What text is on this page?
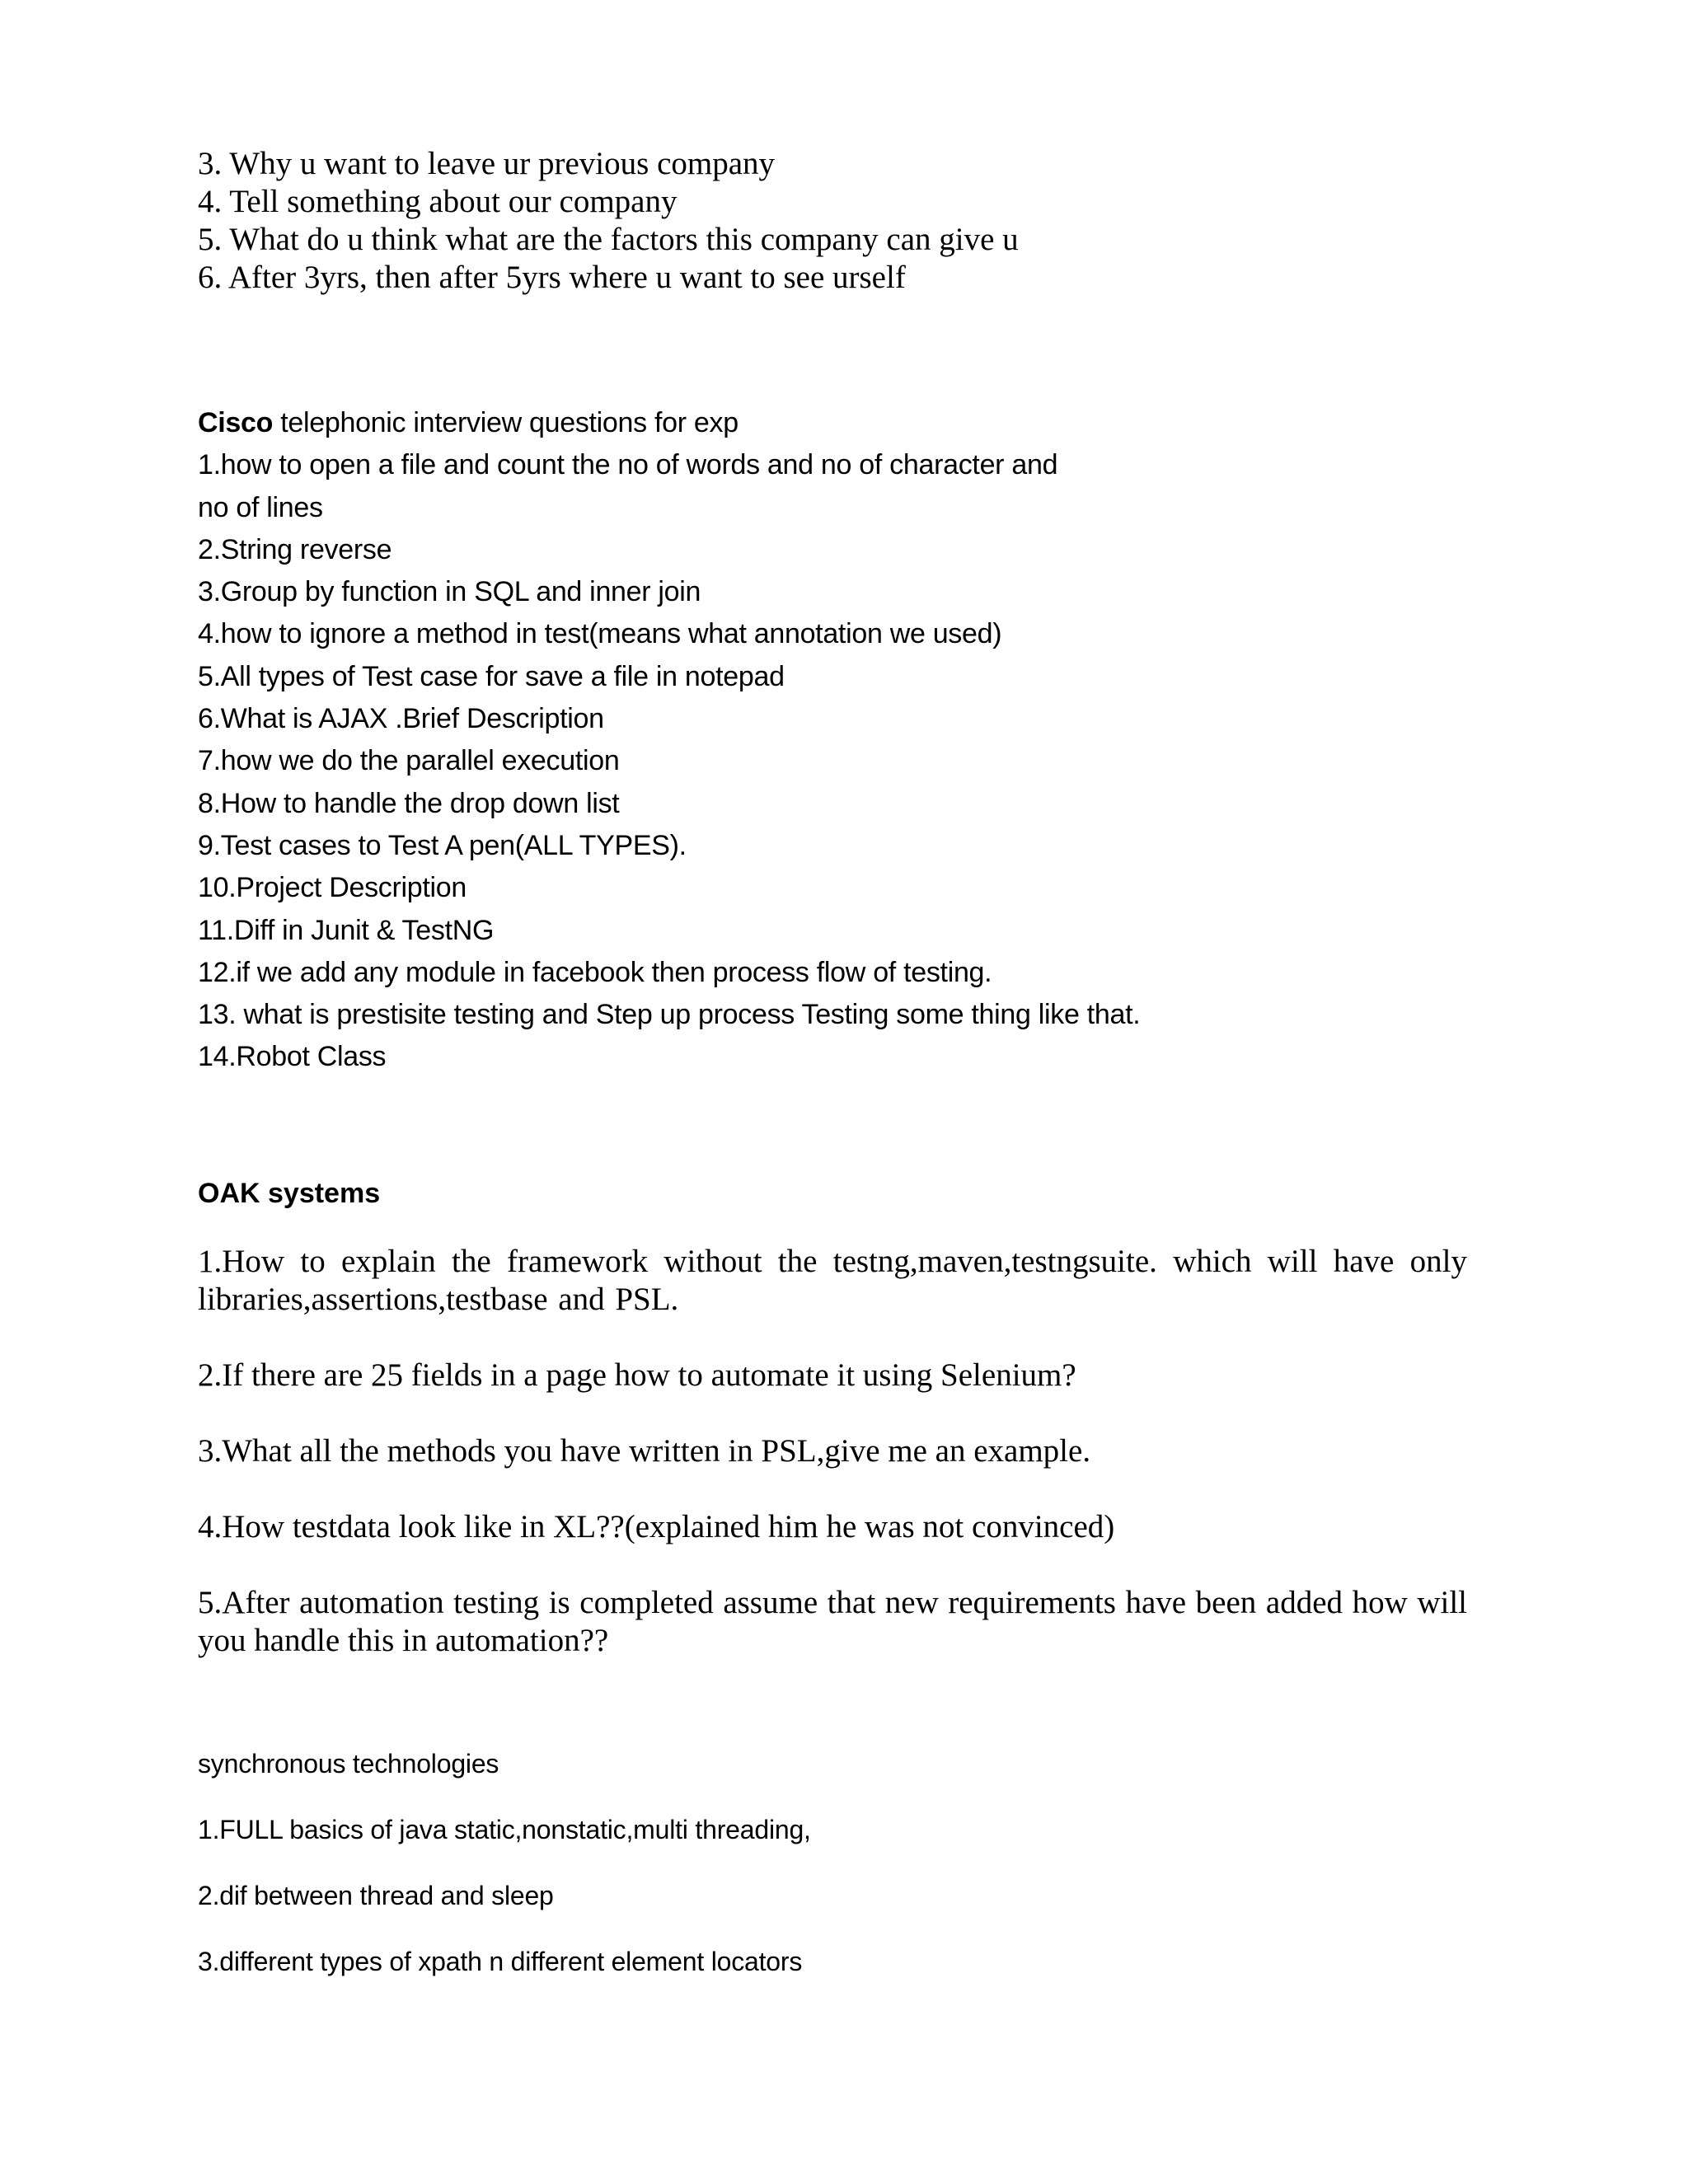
3. Why u want to leave ur previous company

4. Tell something about our company

5. What do u think what are the factors this company can give u

6. After 3yrs, then after 5yrs where u want to see urself

Cisco telephonic interview questions for exp

1.how to open a file and count the no of words and no of character and

no of lines

2.String reverse

3.Group by function in SQL and inner join

4.how to ignore a method in test(means what annotation we used)

5.All types of Test case for save a file in notepad

6.What is AJAX .Brief Description

7.how we do the parallel execution

8.How to handle the drop down list

9.Test cases to Test A pen(ALL TYPES).

10.Project Description

11.Diff in Junit & TestNG

12.if we add any module in facebook then process flow of testing.

13. what is prestisite testing and Step up process Testing some thing like that.

14.Robot Class

OAK systems

1.How to explain the framework without the testng,maven,testngsuite. which will have only libraries,assertions,testbase and PSL.

2.If there are 25 fields in a page how to automate it using Selenium?

3.What all the methods you have written in PSL,give me an example.

4.How testdata look like in XL??(explained him he was not convinced)

5.After automation testing is completed assume that new requirements have been added how will you handle this in automation??

synchronous technologies

1.FULL basics of java static,nonstatic,multi threading,

2.dif between thread and sleep

3.different types of xpath n different element locators
